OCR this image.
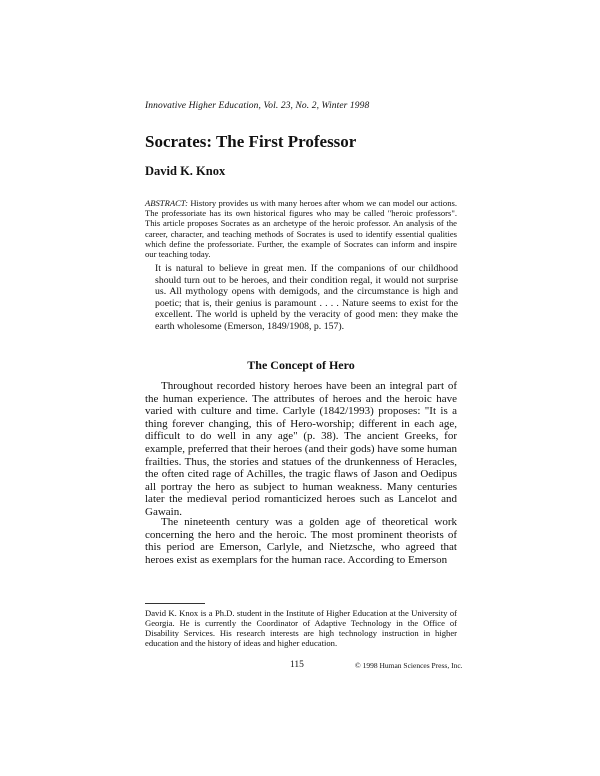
Innovative Higher Education, Vol. 23, No. 2, Winter 1998
Socrates: The First Professor
David K. Knox
ABSTRACT: History provides us with many heroes after whom we can model our actions. The professoriate has its own historical figures who may be called "heroic professors". This article proposes Socrates as an archetype of the heroic professor. An analysis of the career, character, and teaching methods of Socrates is used to identify essential qualities which define the professoriate. Further, the example of Socrates can inform and inspire our teaching today.
It is natural to believe in great men. If the companions of our childhood should turn out to be heroes, and their condition regal, it would not surprise us. All mythology opens with demigods, and the circumstance is high and poetic; that is, their genius is paramount . . . . Nature seems to exist for the excellent. The world is upheld by the veracity of good men: they make the earth wholesome (Emerson, 1849/1908, p. 157).
The Concept of Hero
Throughout recorded history heroes have been an integral part of the human experience. The attributes of heroes and the heroic have varied with culture and time. Carlyle (1842/1993) proposes: "It is a thing forever changing, this of Hero-worship; different in each age, difficult to do well in any age" (p. 38). The ancient Greeks, for example, preferred that their heroes (and their gods) have some human frailties. Thus, the stories and statues of the drunkenness of Heracles, the often cited rage of Achilles, the tragic flaws of Jason and Oedipus all portray the hero as subject to human weakness. Many centuries later the medieval period romanticized heroes such as Lancelot and Gawain.
The nineteenth century was a golden age of theoretical work concerning the hero and the heroic. The most prominent theorists of this period are Emerson, Carlyle, and Nietzsche, who agreed that heroes exist as exemplars for the human race. According to Emerson
David K. Knox is a Ph.D. student in the Institute of Higher Education at the University of Georgia. He is currently the Coordinator of Adaptive Technology in the Office of Disability Services. His research interests are high technology instruction in higher education and the history of ideas and higher education.
115	© 1998 Human Sciences Press, Inc.
